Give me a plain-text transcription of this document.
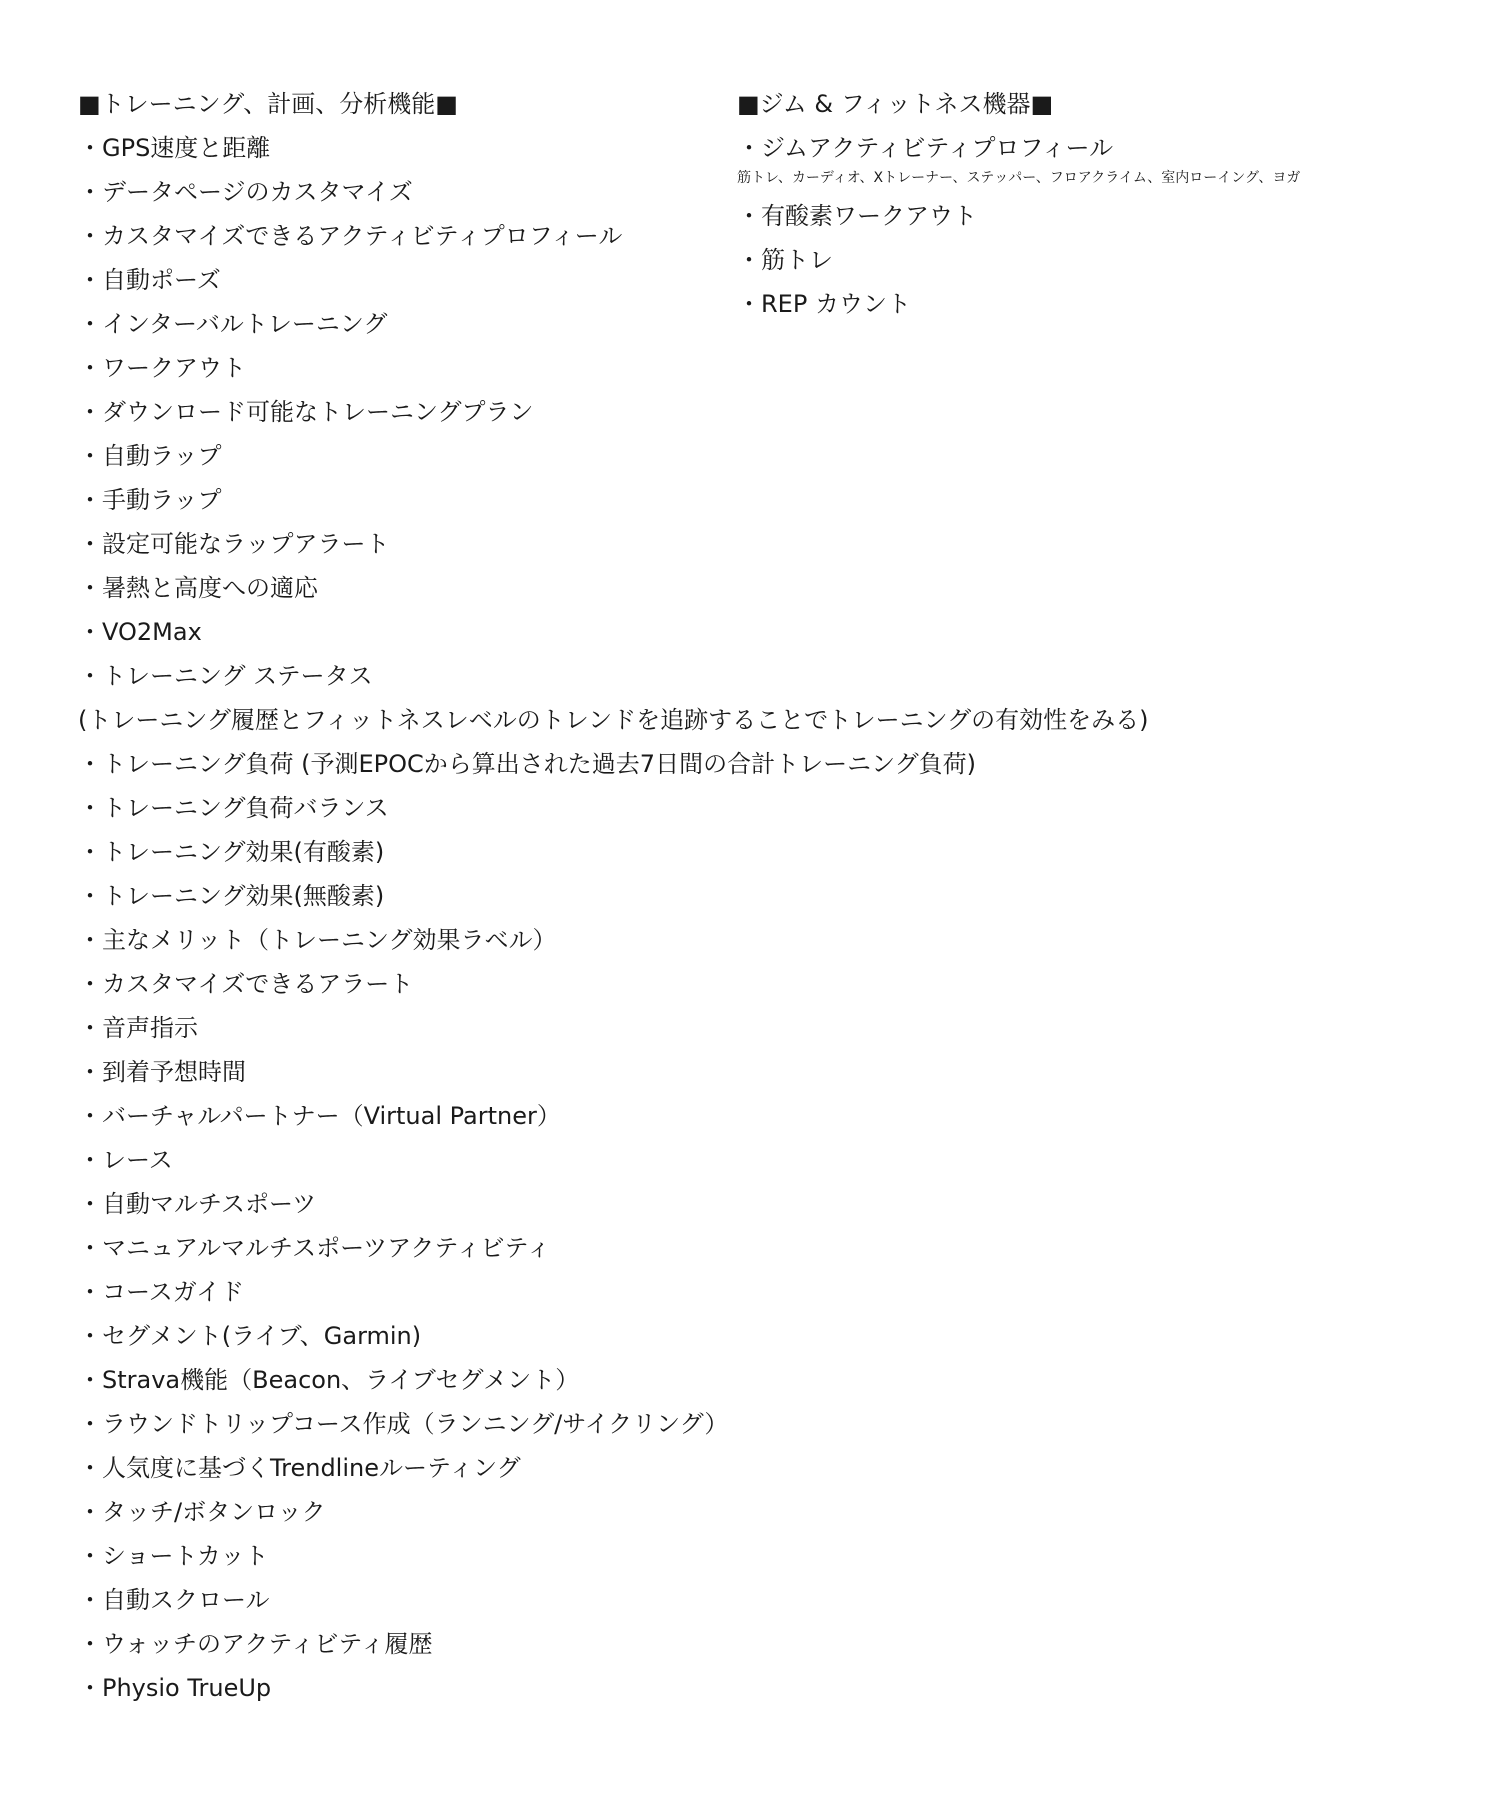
■トレーニング、計画、分析機能■
・GPS速度と距離
・データページのカスタマイズ
・カスタマイズできるアクティビティプロフィール
・自動ポーズ
・インターバルトレーニング
・ワークアウト
・ダウンロード可能なトレーニングプラン
・自動ラップ
・手動ラップ
・設定可能なラップアラート
・暑熱と高度への適応
・VO2Max
・トレーニング ステータス
(トレーニング履歴とフィットネスレベルのトレンドを追跡することでトレーニングの有効性をみる)
・トレーニング負荷 (予測EPOCから算出された過去7日間の合計トレーニング負荷)
・トレーニング負荷バランス
・トレーニング効果(有酸素)
・トレーニング効果(無酸素)
・主なメリット（トレーニング効果ラベル）
・カスタマイズできるアラート
・音声指示
・到着予想時間
・バーチャルパートナー（Virtual Partner）
・レース
・自動マルチスポーツ
・マニュアルマルチスポーツアクティビティ
・コースガイド
・セグメント(ライブ、Garmin)
・Strava機能（Beacon、ライブセグメント）
・ラウンドトリップコース作成（ランニング/サイクリング）
・人気度に基づくTrendlineルーティング
・タッチ/ボタンロック
・ショートカット
・自動スクロール
・ウォッチのアクティビティ履歴
・Physio TrueUp
■ジム & フィットネス機器■
・ジムアクティビティプロフィール
筋トレ、カーディオ、Xトレーナー、ステッパー、フロアクライム、室内ローイング、ヨガ
・有酸素ワークアウト
・筋トレ
・REP カウント
